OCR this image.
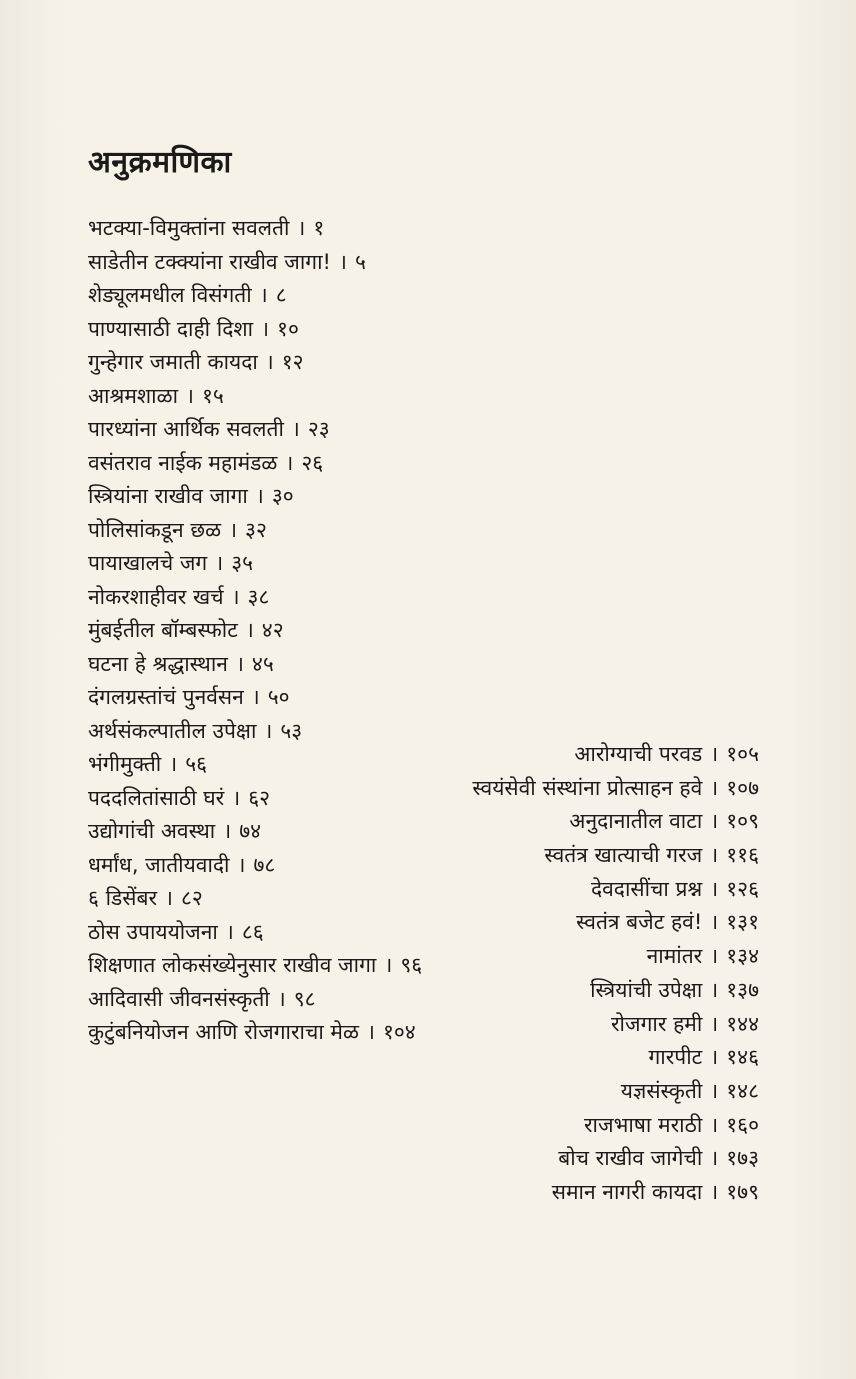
अनुक्रमणिका
भटक्या-विमुक्तांना सवलती । १
साडेतीन टक्क्यांना राखीव जागा! । ५
शेड्यूलमधील विसंगती । ८
पाण्यासाठी दाही दिशा । १०
गुन्हेगार जमाती कायदा । १२
आश्रमशाळा । १५
पारध्यांना आर्थिक सवलती । २३
वसंतराव नाईक महामंडळ । २६
स्त्रियांना राखीव जागा । ३०
पोलिसांकडून छळ । ३२
पायाखालचे जग । ३५
नोकरशाहीवर खर्च । ३८
मुंबईतील बॉम्बस्फोट । ४२
घटना हे श्रद्धास्थान । ४५
दंगलग्रस्तांचं पुनर्वसन । ५०
अर्थसंकल्पातील उपेक्षा । ५३
भंगीमुक्ती । ५६
पददलितांसाठी घरं । ६२
उद्योगांची अवस्था । ७४
धर्मांध, जातीयवादी । ७८
६ डिसेंबर । ८२
ठोस उपाययोजना । ८६
शिक्षणात लोकसंख्येनुसार राखीव जागा । ९६
आदिवासी जीवनसंस्कृती । ९८
कुटुंबनियोजन आणि रोजगाराचा मेळ । १०४
आरोग्याची परवड । १०५
स्वयंसेवी संस्थांना प्रोत्साहन हवे । १०७
अनुदानातील वाटा । १०९
स्वतंत्र खात्याची गरज । ११६
देवदासींचा प्रश्न । १२६
स्वतंत्र बजेट हवं! । १३१
नामांतर । १३४
स्त्रियांची उपेक्षा । १३७
रोजगार हमी । १४४
गारपीट । १४६
यज्ञसंस्कृती । १४८
राजभाषा मराठी । १६०
बोच राखीव जागेची । १७३
समान नागरी कायदा । १७९
